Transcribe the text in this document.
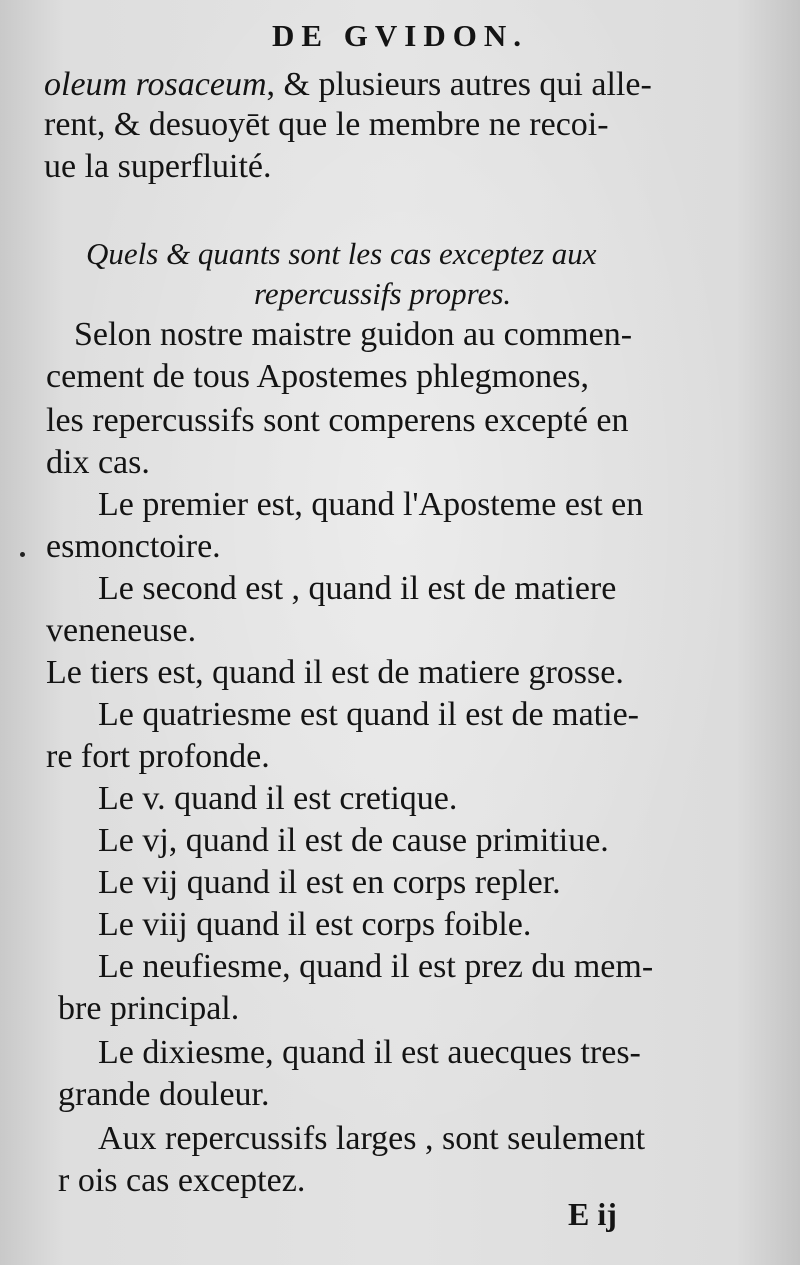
DE GVIDON.
oleum rosaceum, & plusieurs autres qui alle-
rent, & desuoyēt que le membre ne recoi-
ue la superfluité.
Quels & quants sont les cas exceptez aux
repercussifs propres.
Selon nostre maistre guidon au commen-
cement de tous Apostemes phlegmones,
les repercussifs sont comperens excepté en
dix cas.
Le premier est, quand l'Aposteme est en
esmonctoire.
Le second est , quand il est de matiere
veneneuse.
Le tiers est, quand il est de matiere grosse.
Le quatriesme est quand il est de matie-
re fort profonde.
Le v. quand il est cretique.
Le vj, quand il est de cause primitiue.
Le vij quand il est en corps repler.
Le viij quand il est corps foible.
Le neufiesme, quand il est prez du mem-
bre principal.
Le dixiesme, quand il est auecques tres-
grande douleur.
Aux repercussifs larges , sont seulement
r ois cas exceptez.
E ij
